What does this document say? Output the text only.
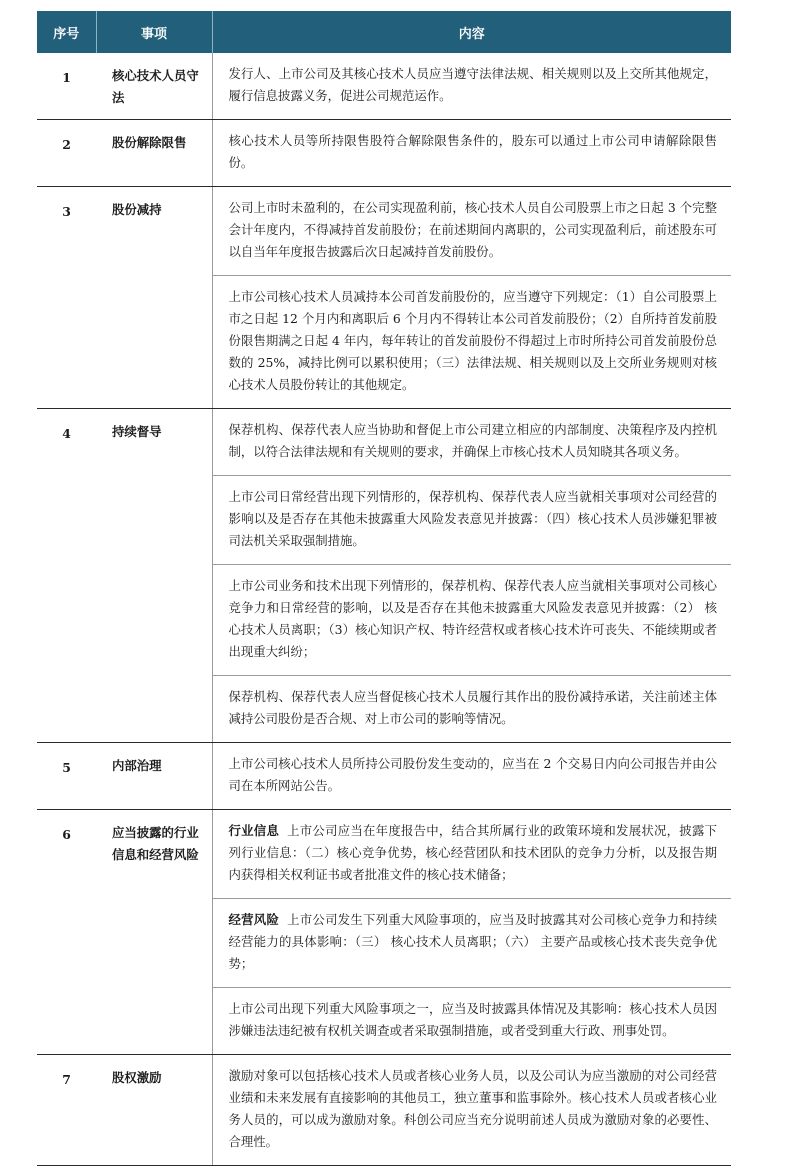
序号	事项	内容
1	核心技术人员守法	发行人、上市公司及其核心技术人员应当遵守法律法规、相关规则以及上交所其他规定，履行信息披露义务，促进公司规范运作。

2	股份解除限售	核心技术人员等所持限售股符合解除限售条件的，股东可以通过上市公司申请解除限售份。

3	股份减持	公司上市时未盈利的，在公司实现盈利前，核心技术人员自公司股票上市之日起 3 个完整会计年度内，不得减持首发前股份；在前述期间内离职的，公司实现盈利后，前述股东可以自当年年度报告披露后次日起减持首发前股份。
上市公司核心技术人员减持本公司首发前股份的，应当遵守下列规定：（1）自公司股票上市之日起 12 个月内和离职后 6 个月内不得转让本公司首发前股份；（2）自所持首发前股份限售期满之日起 4 年内，每年转让的首发前股份不得超过上市时所持公司首发前股份总数的 25%，减持比例可以累积使用；（三）法律法规、相关规则以及上交所业务规则对核心技术人员股份转让的其他规定。

4	持续督导	保荐机构、保荐代表人应当协助和督促上市公司建立相应的内部制度、决策程序及内控机制，以符合法律法规和有关规则的要求，并确保上市核心技术人员知晓其各项义务。
上市公司日常经营出现下列情形的，保荐机构、保荐代表人应当就相关事项对公司经营的影响以及是否存在其他未披露重大风险发表意见并披露：（四）核心技术人员涉嫌犯罪被司法机关采取强制措施。
上市公司业务和技术出现下列情形的，保荐机构、保荐代表人应当就相关事项对公司核心竞争力和日常经营的影响，以及是否存在其他未披露重大风险发表意见并披露：（2） 核心技术人员离职；（3）核心知识产权、特许经营权或者核心技术许可丧失、不能续期或者出现重大纠纷；
保荐机构、保荐代表人应当督促核心技术人员履行其作出的股份减持承诺，关注前述主体减持公司股份是否合规、对上市公司的影响等情况。

5	内部治理	上市公司核心技术人员所持公司股份发生变动的，应当在 2 个交易日内向公司报告并由公司在本所网站公告。

6	应当披露的行业信息和经营风险	行业信息 上市公司应当在年度报告中，结合其所属行业的政策环境和发展状况，披露下列行业信息：（二）核心竞争优势，核心经营团队和技术团队的竞争力分析，以及报告期内获得相关权利证书或者批准文件的核心技术储备；
经营风险 上市公司发生下列重大风险事项的，应当及时披露其对公司核心竞争力和持续经营能力的具体影响：（三） 核心技术人员离职；（六） 主要产品或核心技术丧失竞争优势；
上市公司出现下列重大风险事项之一，应当及时披露具体情况及其影响：核心技术人员因涉嫌违法违纪被有权机关调查或者采取强制措施，或者受到重大行政、刑事处罚。

7	股权激励	激励对象可以包括核心技术人员或者核心业务人员，以及公司认为应当激励的对公司经营业绩和未来发展有直接影响的其他员工，独立董事和监事除外。核心技术人员或者核心业务人员的，可以成为激励对象。科创公司应当充分说明前述人员成为激励对象的必要性、合理性。
